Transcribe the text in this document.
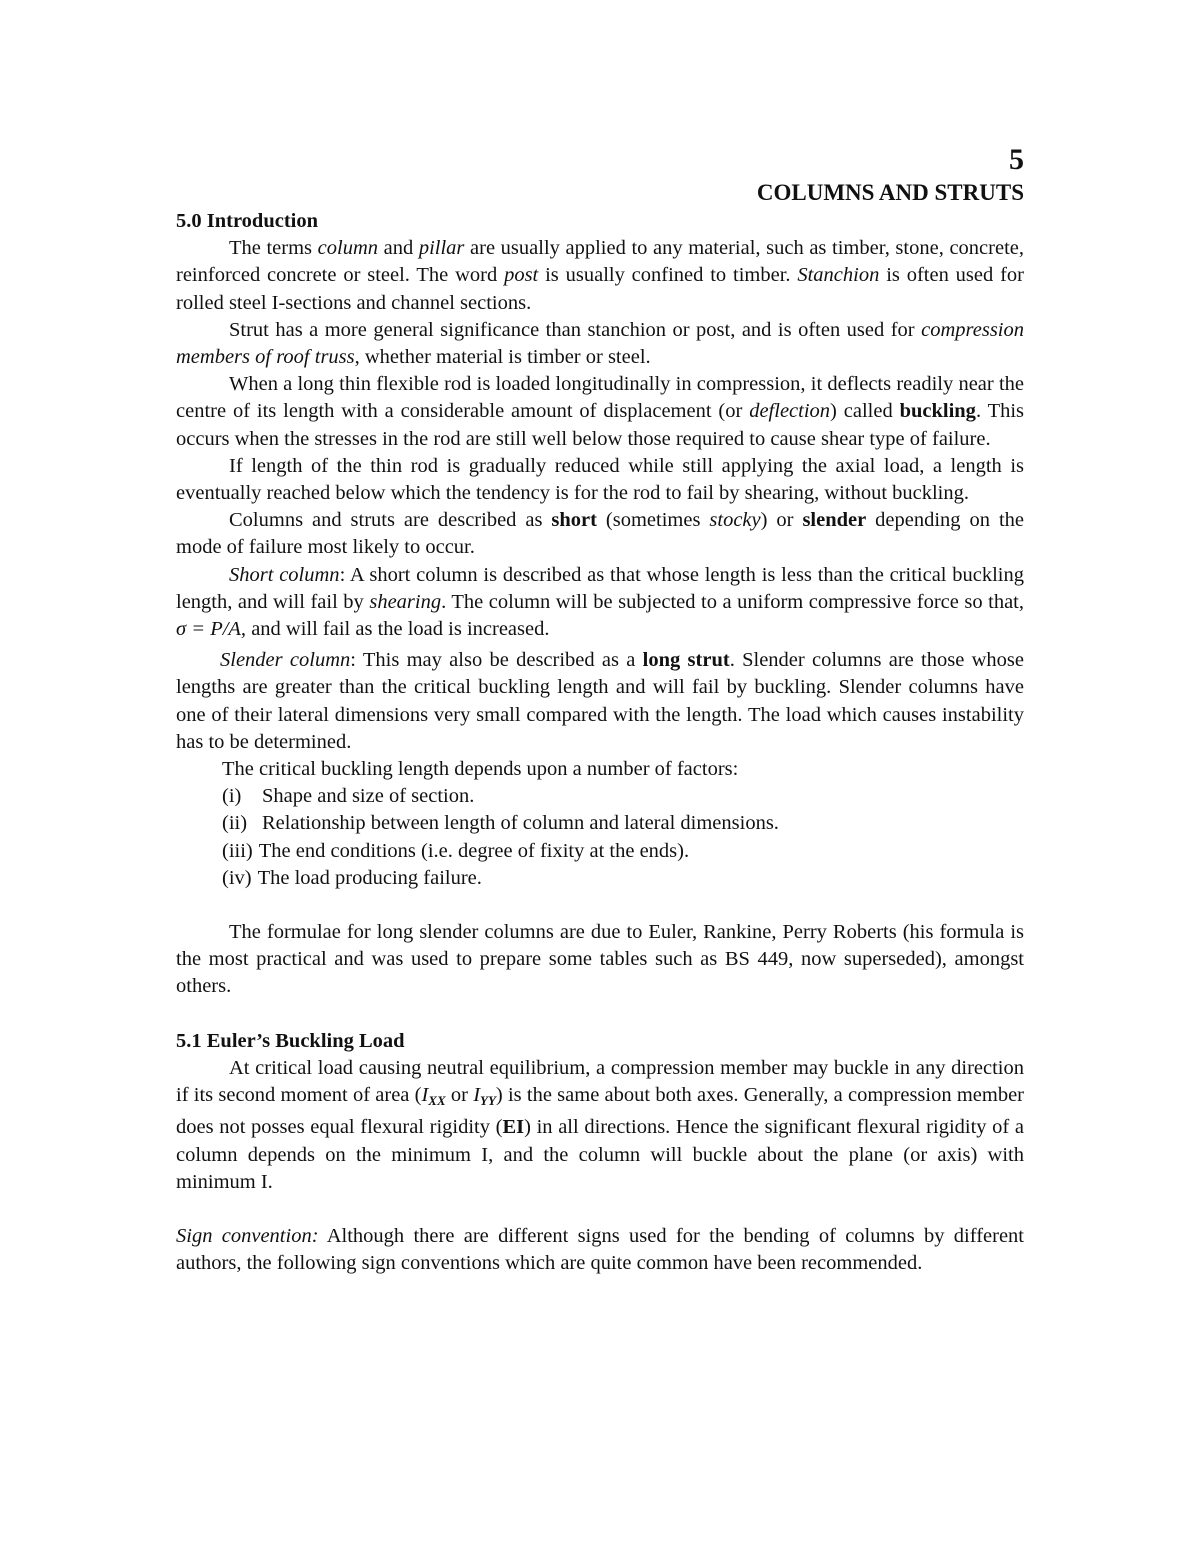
5
COLUMNS AND STRUTS
5.0 Introduction

The terms column and pillar are usually applied to any material, such as timber, stone, concrete, reinforced concrete or steel. The word post is usually confined to timber. Stanchion is often used for rolled steel I-sections and channel sections.

Strut has a more general significance than stanchion or post, and is often used for compression members of roof truss, whether material is timber or steel.

When a long thin flexible rod is loaded longitudinally in compression, it deflects readily near the centre of its length with a considerable amount of displacement (or deflection) called buckling. This occurs when the stresses in the rod are still well below those required to cause shear type of failure.

If length of the thin rod is gradually reduced while still applying the axial load, a length is eventually reached below which the tendency is for the rod to fail by shearing, without buckling.

Columns and struts are described as short (sometimes stocky) or slender depending on the mode of failure most likely to occur.

Short column: A short column is described as that whose length is less than the critical buckling length, and will fail by shearing. The column will be subjected to a uniform compressive force so that, σ = P/A, and will fail as the load is increased.

Slender column: This may also be described as a long strut. Slender columns are those whose lengths are greater than the critical buckling length and will fail by buckling. Slender columns have one of their lateral dimensions very small compared with the length. The load which causes instability has to be determined.

The critical buckling length depends upon a number of factors:

(i) Shape and size of section.
(ii) Relationship between length of column and lateral dimensions.
(iii) The end conditions (i.e. degree of fixity at the ends).
(iv) The load producing failure.

The formulae for long slender columns are due to Euler, Rankine, Perry Roberts (his formula is the most practical and was used to prepare some tables such as BS 449, now superseded), amongst others.

5.1 Euler’s Buckling Load

At critical load causing neutral equilibrium, a compression member may buckle in any direction if its second moment of area ($I_{XX}$ or $I_{YY}$) is the same about both axes. Generally, a compression member does not posses equal flexural rigidity (EI) in all directions. Hence the significant flexural rigidity of a column depends on the minimum I, and the column will buckle about the plane (or axis) with minimum I.

Sign convention: Although there are different signs used for the bending of columns by different authors, the following sign conventions which are quite common have been recommended.
